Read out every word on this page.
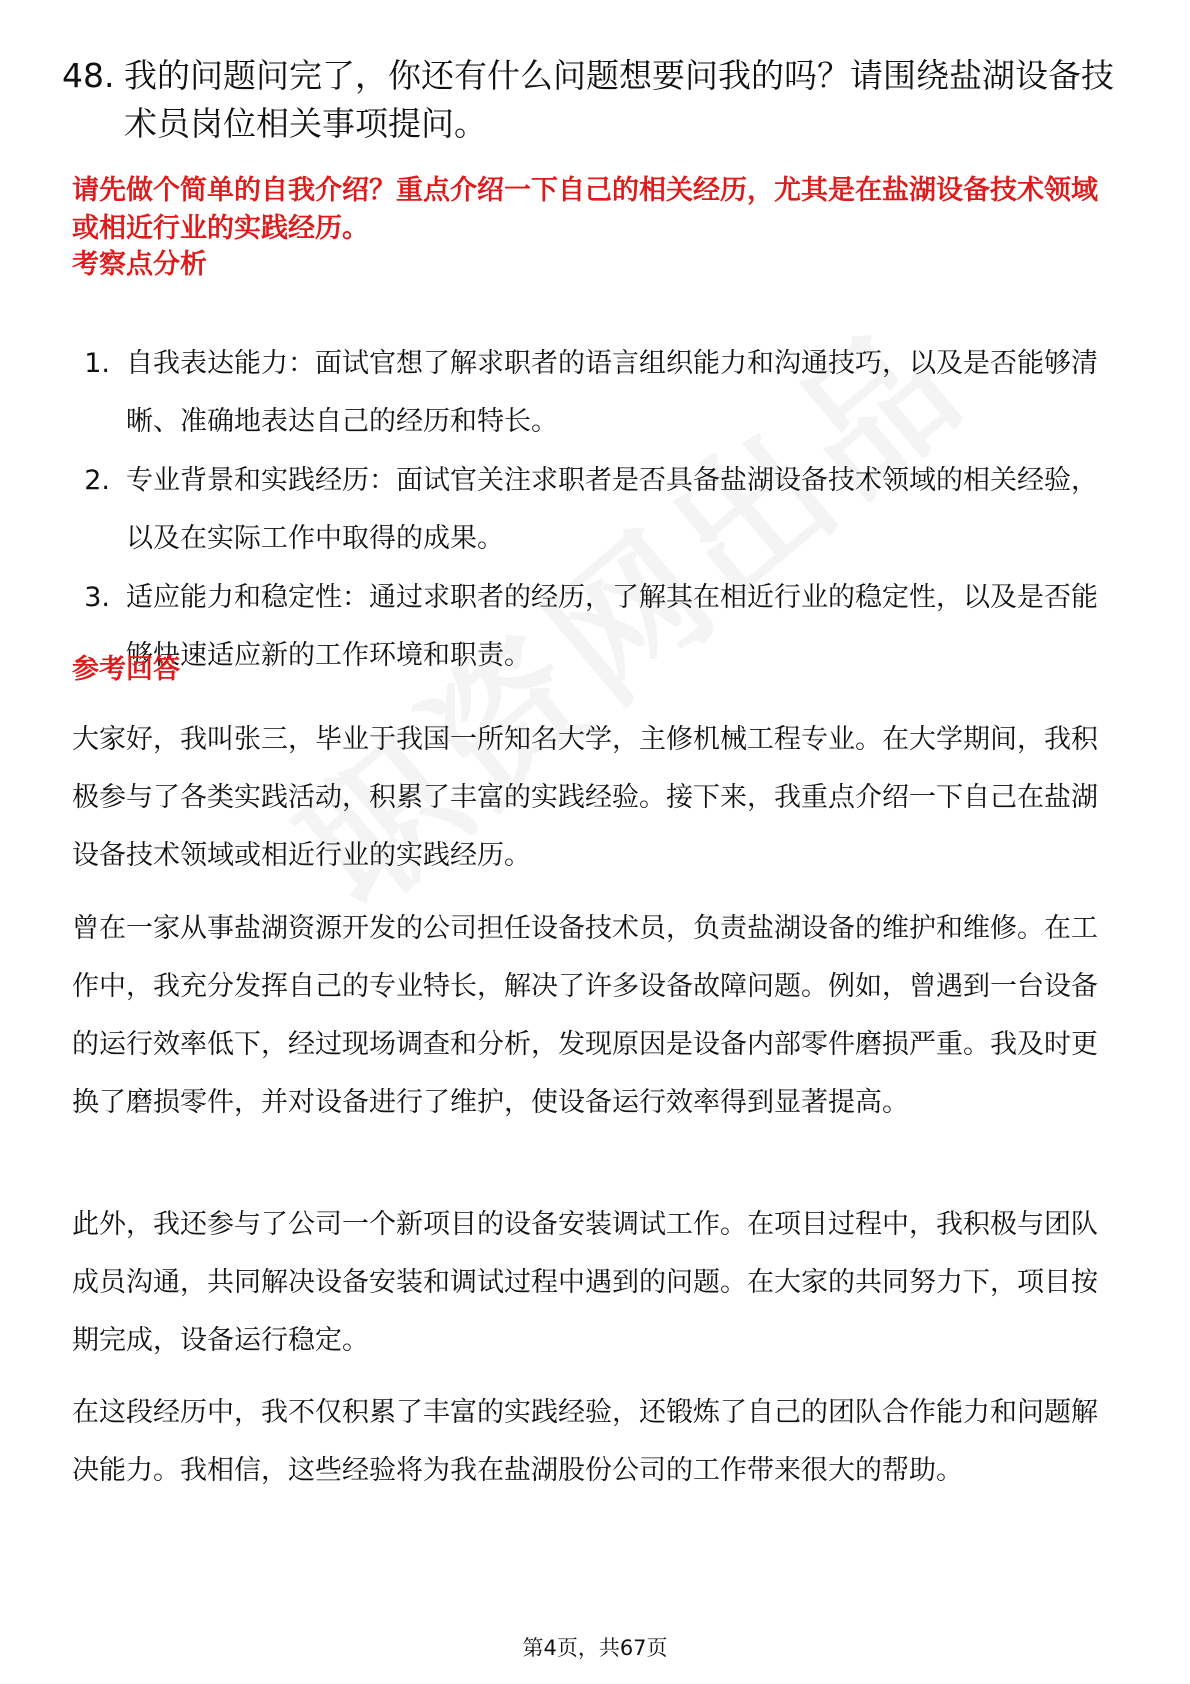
48. 我的问题问完了，你还有什么问题想要问我的吗？请围绕盐湖设备技术员岗位相关事项提问。
请先做个简单的自我介绍？重点介绍一下自己的相关经历，尤其是在盐湖设备技术领域或相近行业的实践经历。
考察点分析
1. 自我表达能力：面试官想了解求职者的语言组织能力和沟通技巧，以及是否能够清晰、准确地表达自己的经历和特长。
2. 专业背景和实践经历：面试官关注求职者是否具备盐湖设备技术领域的相关经验，以及在实际工作中取得的成果。
3. 适应能力和稳定性：通过求职者的经历，了解其在相近行业的稳定性，以及是否能够快速适应新的工作环境和职责。
参考回答

大家好，我叫张三，毕业于我国一所知名大学，主修机械工程专业。在大学期间，我积极参与了各类实践活动，积累了丰富的实践经验。接下来，我重点介绍一下自己在盐湖设备技术领域或相近行业的实践经历。

曾在一家从事盐湖资源开发的公司担任设备技术员，负责盐湖设备的维护和维修。在工作中，我充分发挥自己的专业特长，解决了许多设备故障问题。例如，曾遇到一台设备的运行效率低下，经过现场调查和分析，发现原因是设备内部零件磨损严重。我及时更换了磨损零件，并对设备进行了维护，使设备运行效率得到显著提高。

此外，我还参与了公司一个新项目的设备安装调试工作。在项目过程中，我积极与团队成员沟通，共同解决设备安装和调试过程中遇到的问题。在大家的共同努力下，项目按期完成，设备运行稳定。

在这段经历中，我不仅积累了丰富的实践经验，还锻炼了自己的团队合作能力和问题解决能力。我相信，这些经验将为我在盐湖股份公司的工作带来很大的帮助。

第4页，共67页
